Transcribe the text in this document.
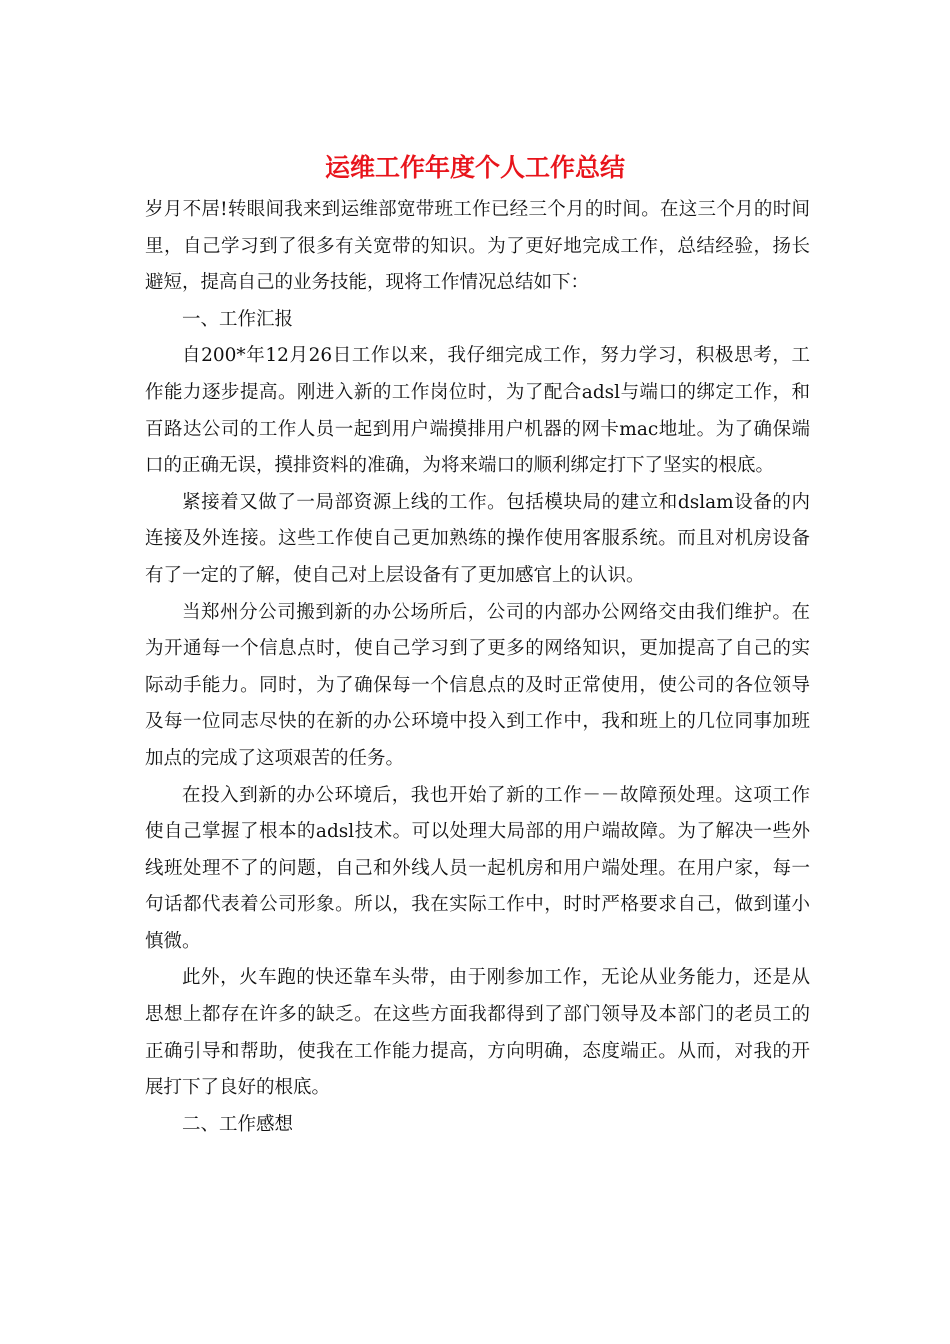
运维工作年度个人工作总结

岁月不居!转眼间我来到运维部宽带班工作已经三个月的时间。在这三个月的时间里，自己学习到了很多有关宽带的知识。为了更好地完成工作，总结经验，扬长避短，提高自己的业务技能，现将工作情况总结如下：

一、工作汇报

自200*年12月26日工作以来，我仔细完成工作，努力学习，积极思考，工作能力逐步提高。刚进入新的工作岗位时，为了配合adsl与端口的绑定工作，和百路达公司的工作人员一起到用户端摸排用户机器的网卡mac地址。为了确保端口的正确无误，摸排资料的准确，为将来端口的顺利绑定打下了坚实的根底。

紧接着又做了一局部资源上线的工作。包括模块局的建立和dslam设备的内连接及外连接。这些工作使自己更加熟练的操作使用客服系统。而且对机房设备有了一定的了解，使自己对上层设备有了更加感官上的认识。

当郑州分公司搬到新的办公场所后，公司的内部办公网络交由我们维护。在为开通每一个信息点时，使自己学习到了更多的网络知识，更加提高了自己的实际动手能力。同时，为了确保每一个信息点的及时正常使用，使公司的各位领导及每一位同志尽快的在新的办公环境中投入到工作中，我和班上的几位同事加班加点的完成了这项艰苦的任务。

在投入到新的办公环境后，我也开始了新的工作－－故障预处理。这项工作使自己掌握了根本的adsl技术。可以处理大局部的用户端故障。为了解决一些外线班处理不了的问题，自己和外线人员一起机房和用户端处理。在用户家，每一句话都代表着公司形象。所以，我在实际工作中，时时严格要求自己，做到谨小慎微。

此外，火车跑的快还靠车头带，由于刚参加工作，无论从业务能力，还是从思想上都存在许多的缺乏。在这些方面我都得到了部门领导及本部门的老员工的正确引导和帮助，使我在工作能力提高，方向明确，态度端正。从而，对我的开展打下了良好的根底。

二、工作感想
